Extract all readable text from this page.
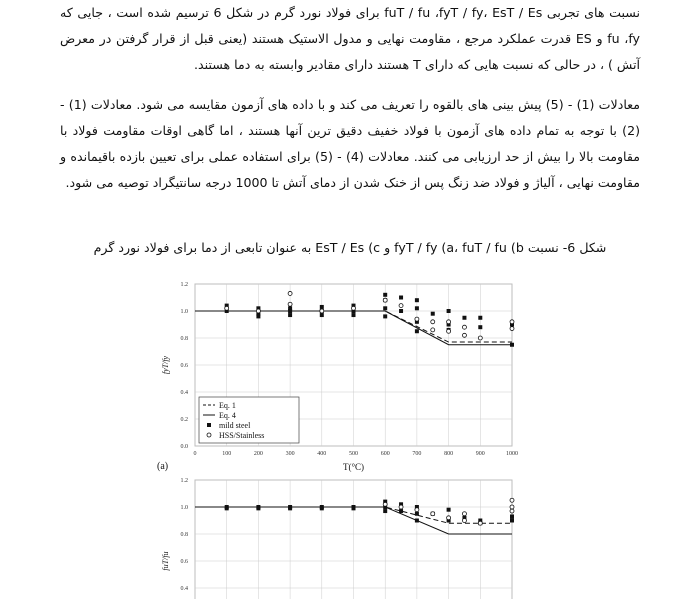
نسبت های تجربی fuT / fu ،fyT / fy، EsT / Es برای فولاد نورد گرم در شکل 6 ترسیم شده است ، جایی که fu ،fy و ES قدرت عملکرد مرجع ، مقاومت نهایی و مدول الاستیک هستند (یعنی قبل از قرار گرفتن در معرض آتش ) ، در حالی که نسبت هایی که دارای T هستند دارای مقادیر وابسته به دما هستند.

معادلات (1) - (5) پیش بینی های بالقوه را تعریف می کند و با داده های آزمون مقایسه می شود. معادلات (1) - (2) با توجه به تمام داده های آزمون با فولاد خفیف دقیق ترین آنها هستند ، اما گاهی اوقات مقاومت فولاد با مقاومت بالا را بیش از حد ارزیابی می کنند. معادلات (4) - (5) برای استفاده عملی برای تعیین بازده باقیمانده و مقاومت نهایی ، آلیاژ و فولاد ضد زنگ پس از خنک شدن از دمای آتش تا 1000 درجه سانتیگراد توصیه می شود.

شکل 6- نسبت fyT / fy (a، fuT / fu (b و EsT / Es (c به عنوان تابعی از دما برای فولاد نورد گرم
0.0
0.2
0.4
0.6
0.8
1.0
1.2
0	100	200	300	400	500	600	700	800	900	1000
T(°C)
fyT/fy
(a)
Eq. 1
Eq. 4
mild steel
HSS/Stainless
0.4
0.6
0.8
1.0
1.2
fuT/fu
